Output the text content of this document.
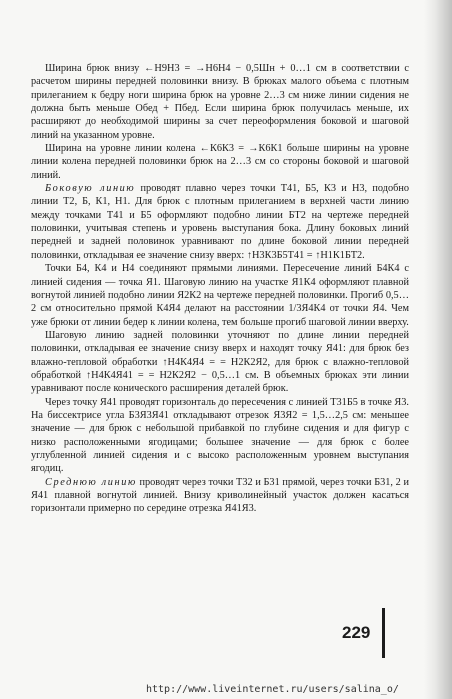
Ширина брюк внизу ←Н9Н3 = →Н6Н4 − 0,5Шн + 0…1 см в соответствии с расчетом ширины передней половинки внизу. В брюках малого объема с плотным прилеганием к бедру ноги ширина брюк на уровне 2…3 см ниже линии сидения не должна быть меньше Обед + Пбед. Если ширина брюк получилась меньше, их расширяют до необходимой ширины за счет переоформления боковой и шаговой линий на указанном уровне.

Ширина на уровне линии колена ←К6К3 = →К6К1 больше ширины на уровне линии колена передней половинки брюк на 2…3 см со стороны боковой и шаговой линий.

Боковую линию проводят плавно через точки Т41, Б5, К3 и Н3, подобно линии Т2, Б, К1, Н1. Для брюк с плотным прилеганием в верхней части линию между точками Т41 и Б5 оформляют подобно линии БТ2 на чертеже передней половинки, учитывая степень и уровень выступания бока. Длину боковых линий передней и задней половинок уравнивают по длине боковой линии передней половинки, откладывая ее значение снизу вверх: ↑Н3К3Б5Т41 = ↑Н1К1БТ2.

Точки Б4, К4 и Н4 соединяют прямыми линиями. Пересечение линий Б4К4 с линией сидения — точка Я1. Шаговую линию на участке Я1К4 оформляют плавной вогнутой линией подобно линии Я2К2 на чертеже передней половинки. Прогиб 0,5…2 см относительно прямой К4Я4 делают на расстоянии 1/3Я4К4 от точки Я4. Чем уже брюки от линии бедер к линии колена, тем больше прогиб шаговой линии вверху.

Шаговую линию задней половинки уточняют по длине линии передней половинки, откладывая ее значение снизу вверх и находят точку Я41: для брюк без влажно-тепловой обработки ↑Н4К4Я4 = = Н2К2Я2, для брюк с влажно-тепловой обработкой ↑Н4К4Я41 = = Н2К2Я2 − 0,5…1 см. В объемных брюках эти линии уравнивают после конического расширения деталей брюк.

Через точку Я41 проводят горизонталь до пересечения с линией Т31Б5 в точке Я3. На биссектрисе угла Б3Я3Я41 откладывают отрезок Я3Я2 = 1,5…2,5 см: меньшее значение — для брюк с небольшой прибавкой по глубине сидения и для фигур с низко расположенными ягодицами; большее значение — для брюк с более углубленной линией сидения и с высоко расположенным уровнем выступания ягодиц.

Среднюю линию проводят через точки Т32 и Б31 прямой, через точки Б31, 2 и Я41 плавной вогнутой линией. Внизу криволинейный участок должен касаться горизонтали примерно по середине отрезка Я41Я3.

229
http://www.liveinternet.ru/users/salina_o/
